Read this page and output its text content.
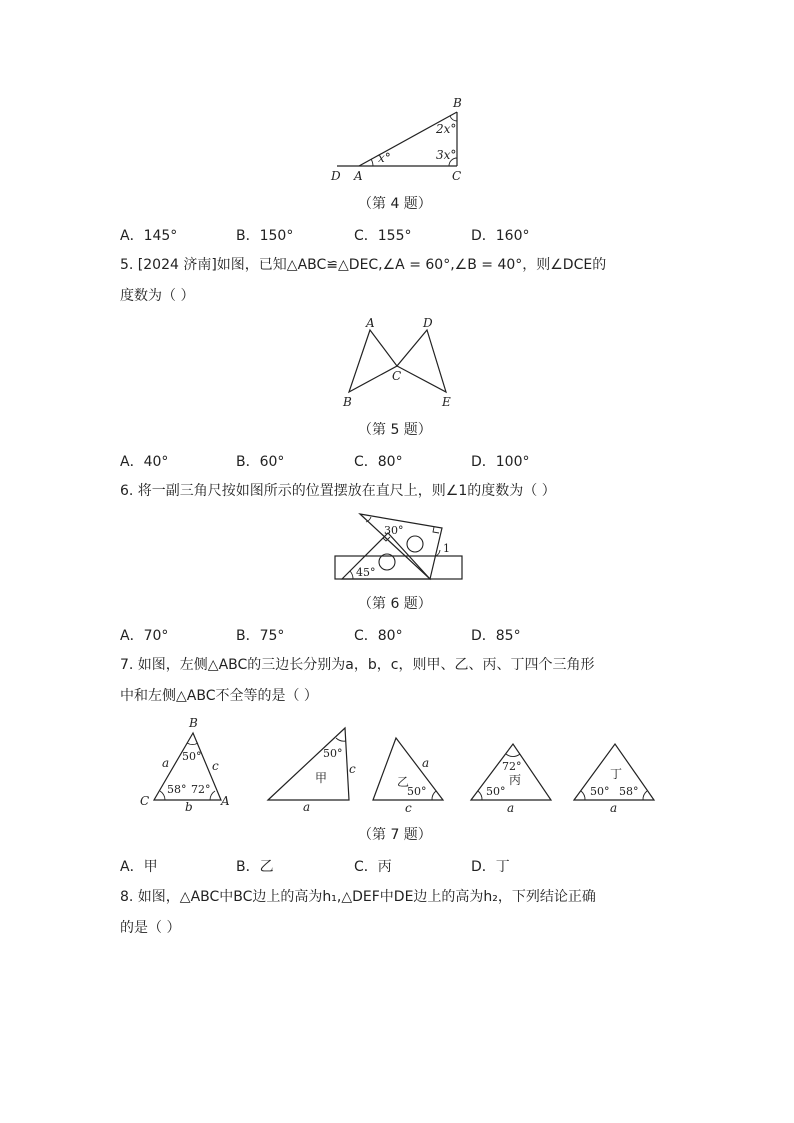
B
C
A
D
2x°
3x°
x°
（第 4 题）
A．145°	B．150°	C．155°	D．160°
5. [2024 济南]如图，已知△ABC≌△DEC,∠A = 60°,∠B = 40°，则∠DCE的
度数为（ ）
A	D
C
B	E
（第 5 题）
A．40°	B．60°	C．80°	D．100°
6. 将一副三角尺按如图所示的位置摆放在直尺上，则∠1的度数为（ ）
30°
45°
1
（第 6 题）
A．70°	B．75°	C．80°	D．85°
7. 如图，左侧△ABC的三边长分别为a，b，c，则甲、乙、丙、丁四个三角形
中和左侧△ABC不全等的是（ ）
B
C	A
a
b
c
50°
58° 72°
50°
甲
c
a
乙
50°
a
c
72°
丙
50°
a
丁
50° 58°
a
（第 7 题）
A．甲	B．乙	C．丙	D．丁
8. 如图，△ABC中BC边上的高为h₁,△DEF中DE边上的高为h₂，下列结论正确
的是（ ）
